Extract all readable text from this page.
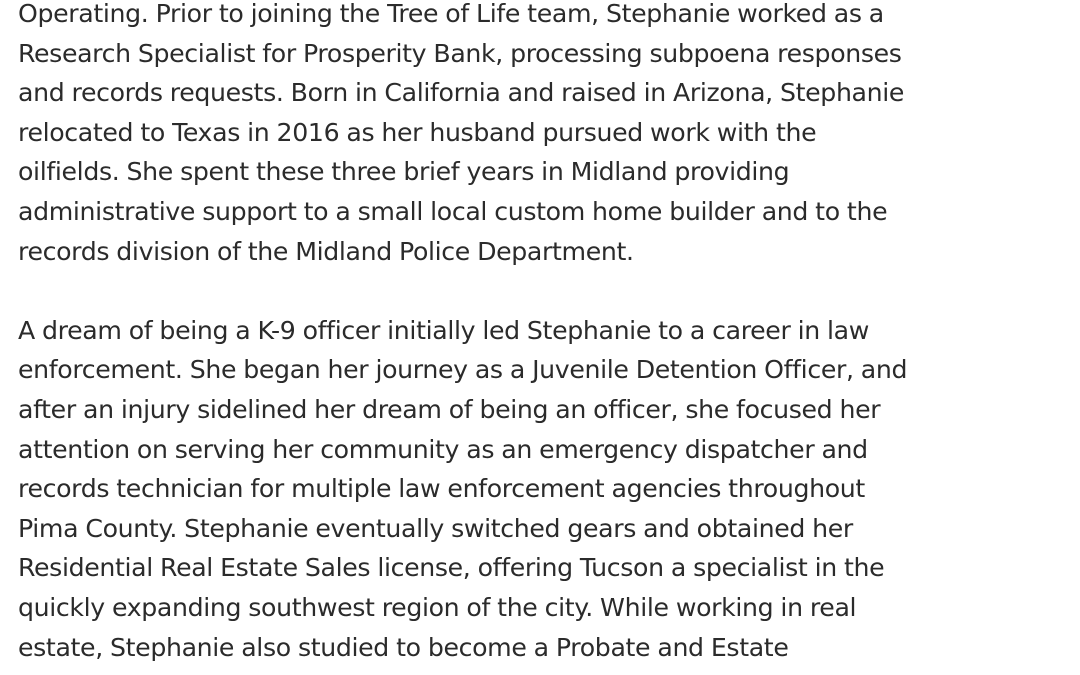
Operating. Prior to joining the Tree of Life team, Stephanie worked as a
Research Specialist for Prosperity Bank, processing subpoena responses
and records requests. Born in California and raised in Arizona, Stephanie
relocated to Texas in 2016 as her husband pursued work with the
oilfields. She spent these three brief years in Midland providing
administrative support to a small local custom home builder and to the
records division of the Midland Police Department.
A dream of being a K-9 officer initially led Stephanie to a career in law
enforcement. She began her journey as a Juvenile Detention Officer, and
after an injury sidelined her dream of being an officer, she focused her
attention on serving her community as an emergency dispatcher and
records technician for multiple law enforcement agencies throughout
Pima County. Stephanie eventually switched gears and obtained her
Residential Real Estate Sales license, offering Tucson a specialist in the
quickly expanding southwest region of the city. While working in real
estate, Stephanie also studied to become a Probate and Estate
